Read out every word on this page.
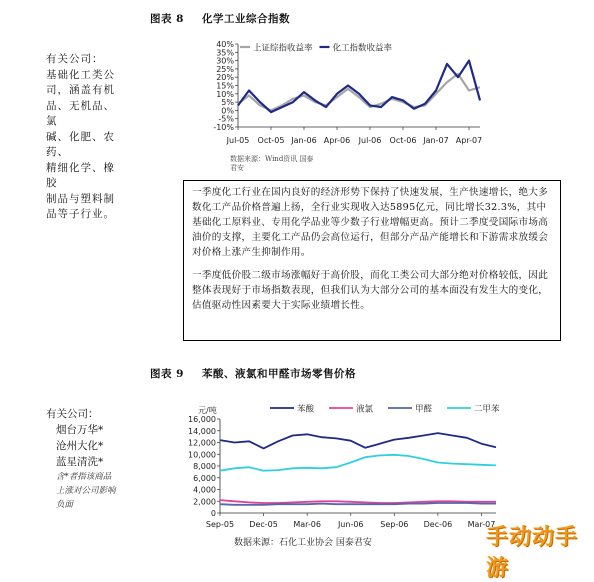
图表 8 化学工业综合指数
有关公司：
基础化工类公
司，涵盖有机
品、无机品、氯
碱、化肥、农药、
精细化学、橡胶
制品与塑料制
品等子行业。
40%
35%
30%
25%
20%
15%
10%
5%
0%
-5%
-10%
Jul-05 Oct-05 Jan-06 Apr-06 Jul-06 Oct-06 Jan-07 Apr-07
上证综指收益率 化工指数收益率
数据来源：Wind资讯 国泰
君安

一季度化工行业在国内良好的经济形势下保持了快速发展，生产快速增长，绝大多数化工产品价格普遍上扬，全行业实现收入达5895亿元，同比增长32.3%，其中基础化工原料业、专用化学品业等少数子行业增幅更高。预计二季度受国际市场高油价的支撑，主要化工产品仍会高位运行，但部分产品产能增长和下游需求放缓会对价格上涨产生抑制作用。

一季度低价股二级市场涨幅好于高价股，而化工类公司大部分绝对价格较低，因此整体表现好于市场指数表现，但我们认为大部分公司的基本面没有发生大的变化，估值驱动性因素要大于实际业绩增长性。

图表 9 苯酸、液氯和甲醛市场零售价格
有关公司：
烟台万华*
沧州大化*
蓝星清洗*
含*者指该商品
上涨对公司影响
负面
16,000
14,000
12,000
10,000
8,000
6,000
4,000
2,000
0
Sep-05 Dec-05 Mar-06 Jun-06 Sep-06 Dec-06 Mar-07
元/吨	苯酸	液氯	甲醛	二甲苯
数据来源：石化工业协会 国泰君安	手动动手游
